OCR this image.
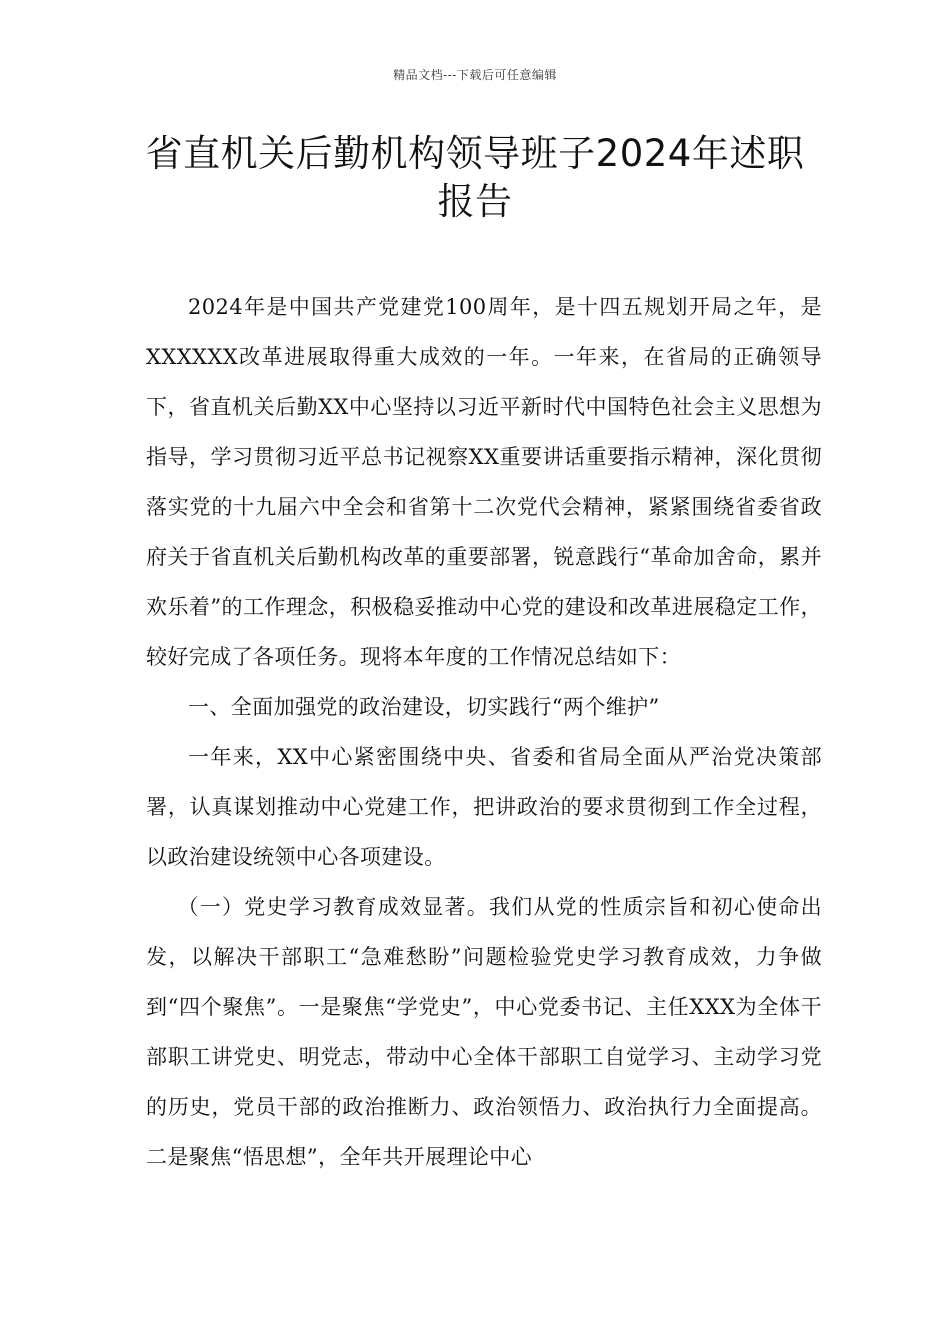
精品文档---下载后可任意编辑
省直机关后勤机构领导班子2024年述职报告

2024年是中国共产党建党100周年，是十四五规划开局之年，是XXXXXX改革进展取得重大成效的一年。一年来，在省局的正确领导下，省直机关后勤XX中心坚持以习近平新时代中国特色社会主义思想为指导，学习贯彻习近平总书记视察XX重要讲话重要指示精神，深化贯彻落实党的十九届六中全会和省第十二次党代会精神，紧紧围绕省委省政府关于省直机关后勤机构改革的重要部署，锐意践行“革命加舍命，累并欢乐着”的工作理念，积极稳妥推动中心党的建设和改革进展稳定工作，较好完成了各项任务。现将本年度的工作情况总结如下：

一、全面加强党的政治建设，切实践行“两个维护”

一年来，XX中心紧密围绕中央、省委和省局全面从严治党决策部署，认真谋划推动中心党建工作，把讲政治的要求贯彻到工作全过程，以政治建设统领中心各项建设。

（一）党史学习教育成效显著。我们从党的性质宗旨和初心使命出发，以解决干部职工“急难愁盼”问题检验党史学习教育成效，力争做到“四个聚焦”。一是聚焦“学党史”，中心党委书记、主任XXX为全体干部职工讲党史、明党志，带动中心全体干部职工自觉学习、主动学习党的历史，党员干部的政治推断力、政治领悟力、政治执行力全面提高。二是聚焦“悟思想”，全年共开展理论中心
